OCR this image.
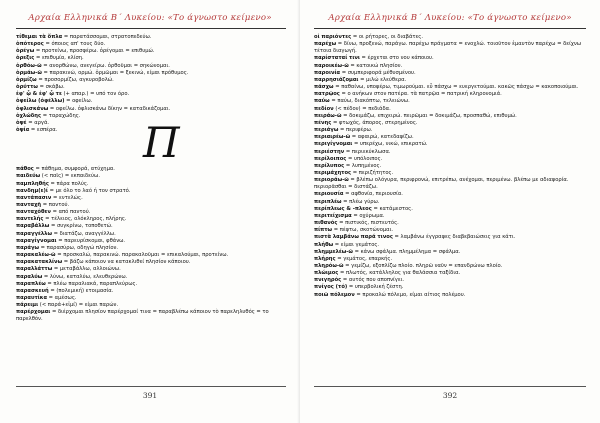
Αρχαία Ελληνικά Β΄ Λυκείου: «Το άγνωστο κείμενο»
τίθεμαι τὰ ὅπλα = παρατάσσομαι, στρατοπεδεύω.
ὁπότερος = όποιος απ' τους δύο.
ὀρέγω = προτείνω, προσφέρω. ὀρέγομαι = επιθυμώ.
ὀρεξις = επιθυμία, κλίση.
ὀρθόω-ῶ = ανορθώνω, ανεγείρω. ὀρθοῦμαι = σηκώνομαι.
ὁρμάω-ῶ = παρακινώ, ορμώ. ὁρμῶμαι = ξεκινώ, είμαι πρόθυμος.
ὁρμίζω = προσορμίζω, αγκυροβολώ.
ὀρύττω = σκάβω.
ἐφ' ᾧ & ἐφ' ᾧ τε (+ απαρ.) = υπό τον όρο.
ὀφείλω (ὀφέλλω) = οφείλω.
ὀφλισκάνω = οφείλω. ὀφλισκάνω δίκην = καταδικάζομαι.
ὀχλώδης = ταραχώδης.
ὀψέ = αργά.
ὀψία = εσπέρα.	Π
πάθος = πάθημα, συμφορά, ατύχημα.
παιδεύω (< παῖς) = εκπαιδεύω.
παμπληθής = πάρα πολύς.
πανδημ(ε)ί = με όλο το λαό ή τον στρατό.
παντάπασιν = εντελώς.
πανταχῆ = παντού.
πανταχόθεν = από παντού.
παντελής = τέλειος, ολόκληρος, πλήρης.
παραβάλλω = συγκρίνω, τοποθετώ.
παραγγέλλω = διατάζω, αναγγέλλω.
παραγίγνομαι = παρευρίσκομαι, φθάνω.
παράγω = παρασύρω, οδηγώ πλησίον.
παρακαλέω-ῶ = προσκαλώ, παρακινώ. παρακαλοῦμαι = επικαλούμαι, προτείνω.
παρακατακλίνω = βάζω κάποιον να κατακλιθεί πλησίον κάποιου.
παραλλάττω = μεταβάλλω, αλλοιώνω.
παραλύω = λύνω, καταλύω, ελευθερώνω.
παραπλέω = πλέω παραλιακά, παραπλεύρως.
παρασκευή = (πολεμική) ετοιμασία.
παραυτίκα = αμέσως.
πάρειμι (< παρά+εἰμί) = είμαι παρών.
παρέρχομαι = διέρχομαι πλησίον παρέρχομαί τινα = παραβλέπω κάποιον τὸ παρεληλυθός = το παρελθόν.
391
Αρχαία Ελληνικά Β΄ Λυκείου: «Το άγνωστο κείμενο»
οἱ παριόντες = οι ρήτορες, οι διαβάτες.
παρέχω = δίνω, προξενώ, παράγω. παρέχω πράγματα = ενοχλώ. τοιοῦτον ἐμαυτὸν παρέχω = δείχνω τέτοια διαγωγή.
παρίσταταί τινι = έρχεται στο νου κάποιου.
παροικέω-ῶ = κατοικώ πλησίον.
παροινία = συμπεριφορά μέθυσμένου.
παρρησιάζομαι = μιλώ ελεύθερα.
πάσχω = παθαίνω, υποφέρω, τιμωρούμαι. εὖ πάσχω = ευεργετούμαι. κακῶς πάσχω = κακοποιούμαι.
πατρῷος = ο ανήκων στον πατέρα. τὰ πατρῷα = πατρική κληρονομιά.
παύω = παύω, διακόπτω, τελειώνω.
πεδίον (< πέδον) = πεδιάδα.
πειράω-ῶ = δοκιμάζω, επιχειρώ. πειρῶμαι = δοκιμάζω, προσπαθώ, επιθυμώ.
πένης = φτωχός, άπορος, στερημένος.
περιάγω = περιφέρω.
περιαιρέω-ῶ = αφαιρώ, κατεδαφίζω.
περιγίγνομαι = υπερέχω, νικώ, επικρατώ.
περιέστην = περιεκύκλωσα.
περίλοιπος = υπόλοιπος.
περίλυπος = λυπημένος.
περιμάχητος = περιζήτητος.
περιοράω-ῶ = βλέπω ολόγυρα, περιφρονώ, επιτρέπω, ανέχομαι, περιμένω. βλέπω με αδιαφορία. περιορᾶσθαι = διστάζω.
περιουσία = αφθονία, περιουσία.
περιπλέω = πλέω γύρω.
περίπλεως & -πλεος = κατάμεστος.
περιτείχισμα = οχύρωμα.
πιθανός = πιστικός, πιστευτός.
πίπτω = πέφτω, σκοτώνομαι.
πιστὰ λαμβάνω παρά τινος = λαμβάνω έγγραφες διαβεβαιώσεις για κάτι.
πλήθω = είμαι γεμάτος.
πλημμελέω-ῶ = κάνω σφάλμα. πλημμέλημα = σφάλμα.
πλήρης = γεμάτος, επαρκής.
πληρόω-ῶ = γεμίζω, εξοπλίζω πλοίο. πληρῶ ναῦν = επανδρώνω πλοίο.
πλώιμος = πλωτός, κατάλληλος για θαλάσσια ταξίδια.
πνιγηρός = αυτός που αποπνίγει.
πνίγος (τό) = υπερβολική ζέστη.
ποιῶ πόλεμον = προκαλώ πόλεμο, είμαι αίτιος πολέμου.
392
